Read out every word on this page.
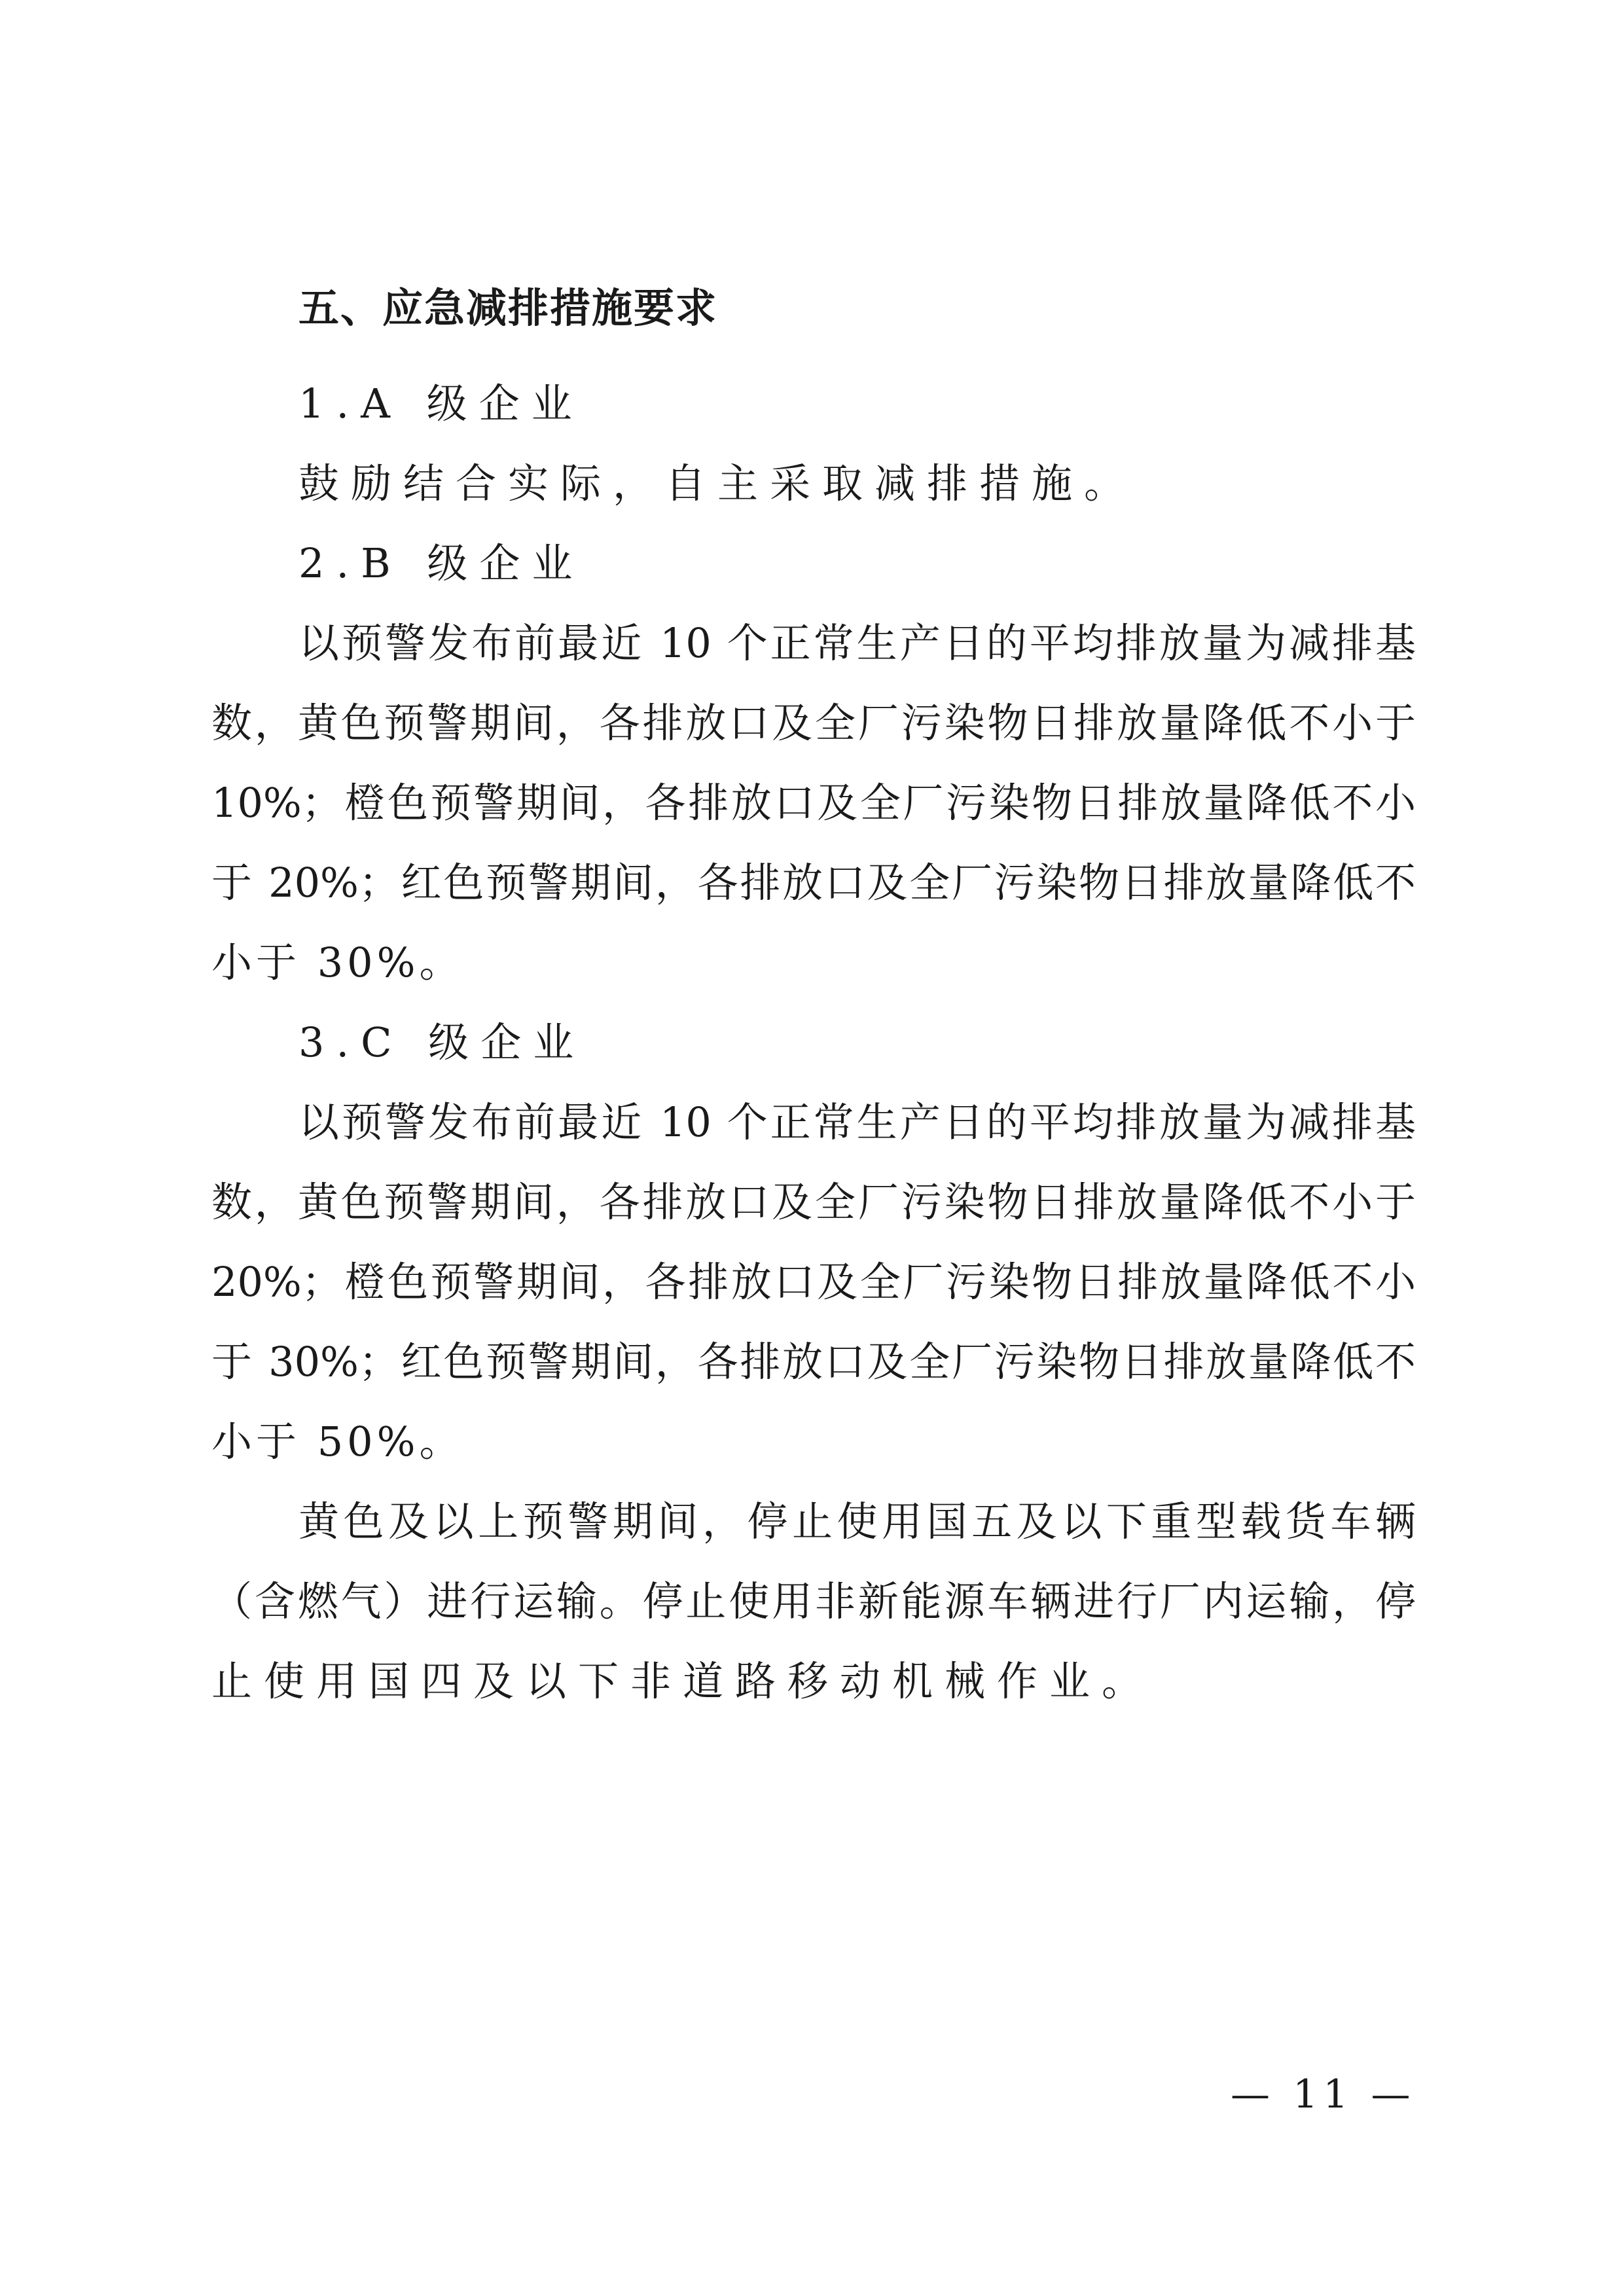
五、应急减排措施要求
1.A 级企业
鼓励结合实际，自主采取减排措施。
2.B 级企业
以预警发布前最近 10 个正常生产日的平均排放量为减排基
数，黄色预警期间，各排放口及全厂污染物日排放量降低不小于
10%；橙色预警期间，各排放口及全厂污染物日排放量降低不小
于 20%；红色预警期间，各排放口及全厂污染物日排放量降低不
小于 30%。
3.C 级企业
以预警发布前最近 10 个正常生产日的平均排放量为减排基
数，黄色预警期间，各排放口及全厂污染物日排放量降低不小于
20%；橙色预警期间，各排放口及全厂污染物日排放量降低不小
于 30%；红色预警期间，各排放口及全厂污染物日排放量降低不
小于 50%。
黄色及以上预警期间，停止使用国五及以下重型载货车辆
（含燃气）进行运输。停止使用非新能源车辆进行厂内运输，停
止使用国四及以下非道路移动机械作业。
— 11 —
